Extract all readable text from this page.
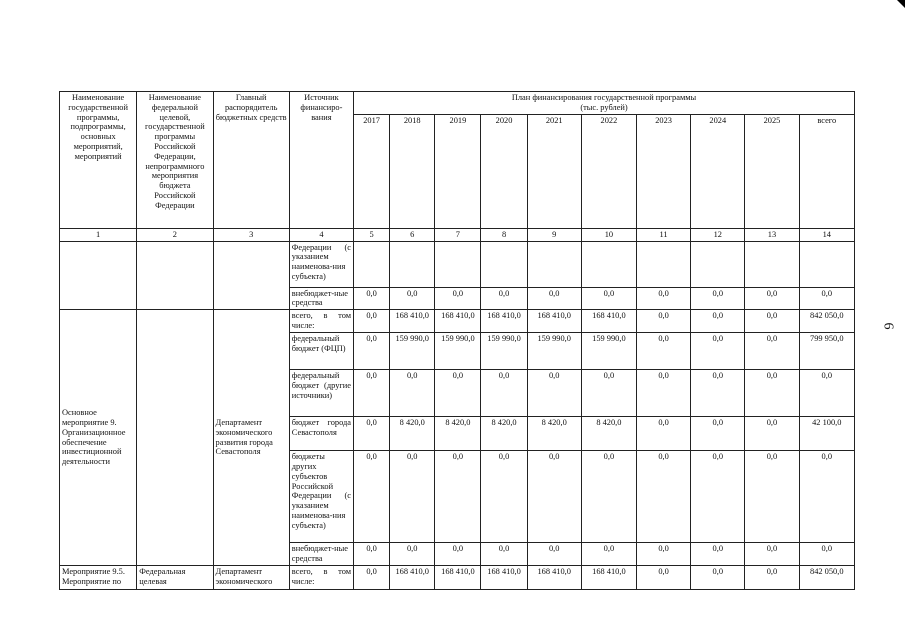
6
Наименование государственной программы, подпрограммы, основных мероприятий, мероприятий	Наименование федеральной целевой, государственной программы Российской Федерации, непрограммного мероприятия бюджета Российской Федерации	Главный распорядитель бюджетных средств	Источник финансиро-вания	План финансирования государственной программы
(тыс. рублей)									

				2017	2018	2019	2020	2021	2022	2023	2024	2025	всего
1	2	3	4	5	6	7	8	9	10	11	12	13	14
			Федерации (с указанием наименова-ния субъекта)										
			внебюджет-ные средства	0,0	0,0	0,0	0,0	0,0	0,0	0,0	0,0	0,0	0,0
Основное мероприятие 9. Организационное обеспечение инвестиционной деятельности		Департамент экономического развития города Севастополя	всего, в том числе:	0,0	168 410,0	168 410,0	168 410,0	168 410,0	168 410,0	0,0	0,0	0,0	842 050,0
			федеральный бюджет (ФЦП)	0,0	159 990,0	159 990,0	159 990,0	159 990,0	159 990,0	0,0	0,0	0,0	799 950,0
			федеральный бюджет (другие источники)	0,0	0,0	0,0	0,0	0,0	0,0	0,0	0,0	0,0	0,0
			бюджет города Севастополя	0,0	8 420,0	8 420,0	8 420,0	8 420,0	8 420,0	0,0	0,0	0,0	42 100,0
			бюджеты других субъектов Российской Федерации (с указанием наименова-ния субъекта)	0,0	0,0	0,0	0,0	0,0	0,0	0,0	0,0	0,0	0,0
			внебюджет-ные средства	0,0	0,0	0,0	0,0	0,0	0,0	0,0	0,0	0,0	0,0
Мероприятие 9.5. Мероприятие по	Федеральная целевая	Департамент экономического	всего, в том числе:	0,0	168 410,0	168 410,0	168 410,0	168 410,0	168 410,0	0,0	0,0	0,0	842 050,0
